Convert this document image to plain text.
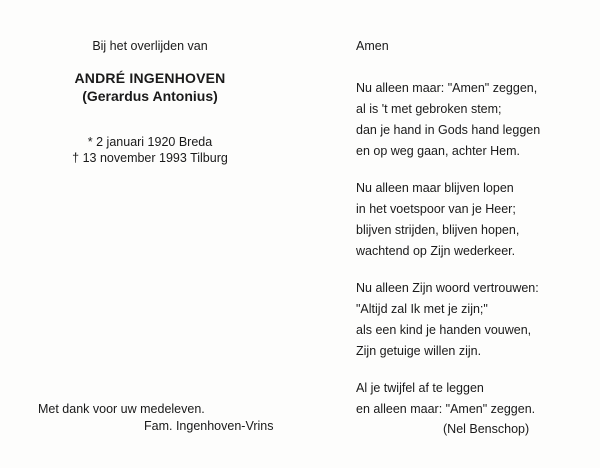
Bij het overlijden van
ANDRÉ INGENHOVEN
(Gerardus Antonius)
* 2 januari 1920 Breda
† 13 november 1993 Tilburg
Met dank voor uw medeleven.
Fam. Ingenhoven-Vrins
Amen
Nu alleen maar: "Amen" zeggen,
al is 't met gebroken stem;
dan je hand in Gods hand leggen
en op weg gaan, achter Hem.
Nu alleen maar blijven lopen
in het voetspoor van je Heer;
blijven strijden, blijven hopen,
wachtend op Zijn wederkeer.
Nu alleen Zijn woord vertrouwen:
"Altijd zal Ik met je zijn;"
als een kind je handen vouwen,
Zijn getuige willen zijn.
Al je twijfel af te leggen
en alleen maar: "Amen" zeggen.
(Nel Benschop)
